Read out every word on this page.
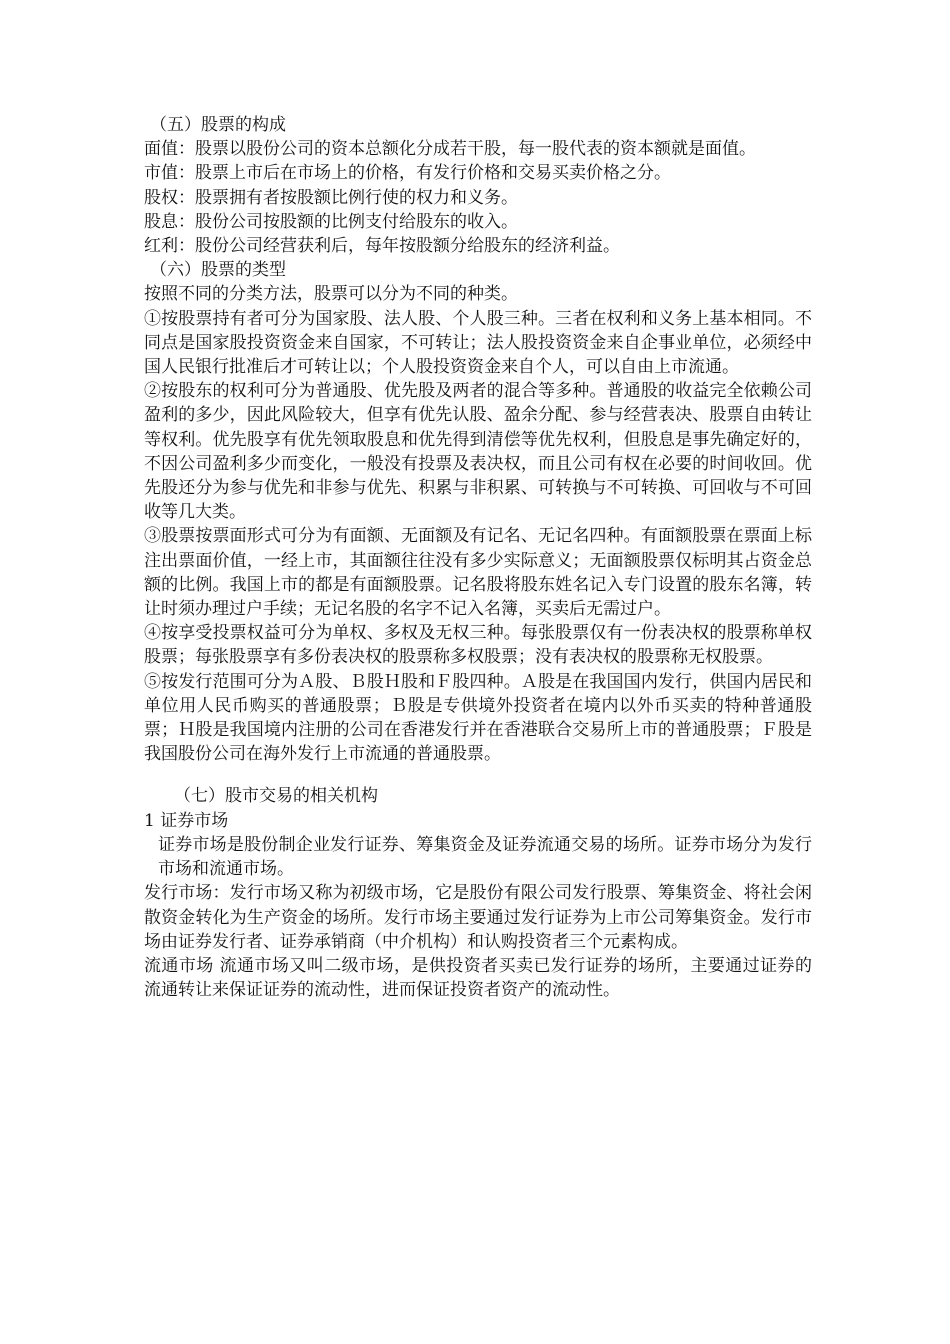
（五）股票的构成

面值：股票以股份公司的资本总额化分成若干股，每一股代表的资本额就是面值。

市值：股票上市后在市场上的价格，有发行价格和交易买卖价格之分。

股权：股票拥有者按股额比例行使的权力和义务。

股息：股份公司按股额的比例支付给股东的收入。

红利：股份公司经营获利后，每年按股额分给股东的经济利益。

（六）股票的类型

按照不同的分类方法，股票可以分为不同的种类。

①按股票持有者可分为国家股、法人股、个人股三种。三者在权利和义务上基本相同。不同点是国家股投资资金来自国家，不可转让；法人股投资资金来自企事业单位，必须经中国人民银行批准后才可转让以；个人股投资资金来自个人，可以自由上市流通。

②按股东的权利可分为普通股、优先股及两者的混合等多种。普通股的收益完全依赖公司盈利的多少，因此风险较大，但享有优先认股、盈余分配、参与经营表决、股票自由转让等权利。优先股享有优先领取股息和优先得到清偿等优先权利，但股息是事先确定好的，不因公司盈利多少而变化，一般没有投票及表决权，而且公司有权在必要的时间收回。优先股还分为参与优先和非参与优先、积累与非积累、可转换与不可转换、可回收与不可回收等几大类。

③股票按票面形式可分为有面额、无面额及有记名、无记名四种。有面额股票在票面上标注出票面价值，一经上市，其面额往往没有多少实际意义；无面额股票仅标明其占资金总额的比例。我国上市的都是有面额股票。记名股将股东姓名记入专门设置的股东名簿，转让时须办理过户手续；无记名股的名字不记入名簿，买卖后无需过户。

④按享受投票权益可分为单权、多权及无权三种。每张股票仅有一份表决权的股票称单权股票；每张股票享有多份表决权的股票称多权股票；没有表决权的股票称无权股票。

⑤按发行范围可分为Ａ股、Ｂ股Ｈ股和Ｆ股四种。Ａ股是在我国国内发行，供国内居民和单位用人民币购买的普通股票；Ｂ股是专供境外投资者在境内以外币买卖的特种普通股票；Ｈ股是我国境内注册的公司在香港发行并在香港联合交易所上市的普通股票；Ｆ股是我国股份公司在海外发行上市流通的普通股票。

（七）股市交易的相关机构

1 证券市场

证券市场是股份制企业发行证券、筹集资金及证券流通交易的场所。证券市场分为发行市场和流通市场。

发行市场：发行市场又称为初级市场，它是股份有限公司发行股票、筹集资金、将社会闲散资金转化为生产资金的场所。发行市场主要通过发行证券为上市公司筹集资金。发行市场由证券发行者、证券承销商（中介机构）和认购投资者三个元素构成。

流通市场 流通市场又叫二级市场，是供投资者买卖已发行证券的场所，主要通过证券的流通转让来保证证券的流动性，进而保证投资者资产的流动性。
